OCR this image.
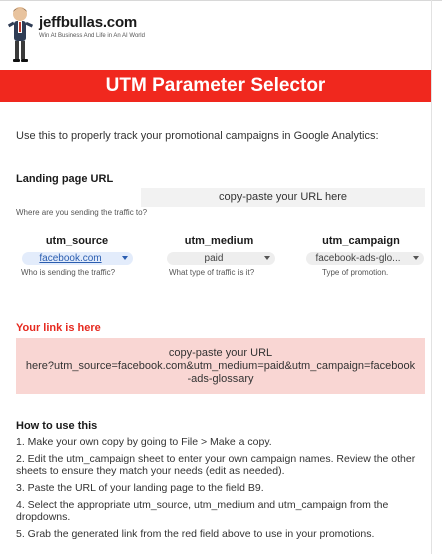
jeffbullas.com
Win At Business And Life in An AI World
UTM Parameter Selector
Use this to properly track your promotional campaigns in Google Analytics:
Landing page URL
copy-paste your URL here
Where are you sending the traffic to?
utm_source
facebook.com
Who is sending the traffic?
utm_medium
paid
What type of traffic is it?
utm_campaign
facebook-ads-glo...
Type of promotion.
Your link is here
copy-paste your URL
here?utm_source=facebook.com&utm_medium=paid&utm_campaign=facebook
-ads-glossary
How to use this
1. Make your own copy by going to File > Make a copy.
2. Edit the utm_campaign sheet to enter your own campaign names. Review the other sheets to ensure they match your needs (edit as needed).
3. Paste the URL of your landing page to the field B9.
4. Select the appropriate utm_source, utm_medium and utm_campaign from the dropdowns.
5. Grab the generated link from the red field above to use in your promotions.
